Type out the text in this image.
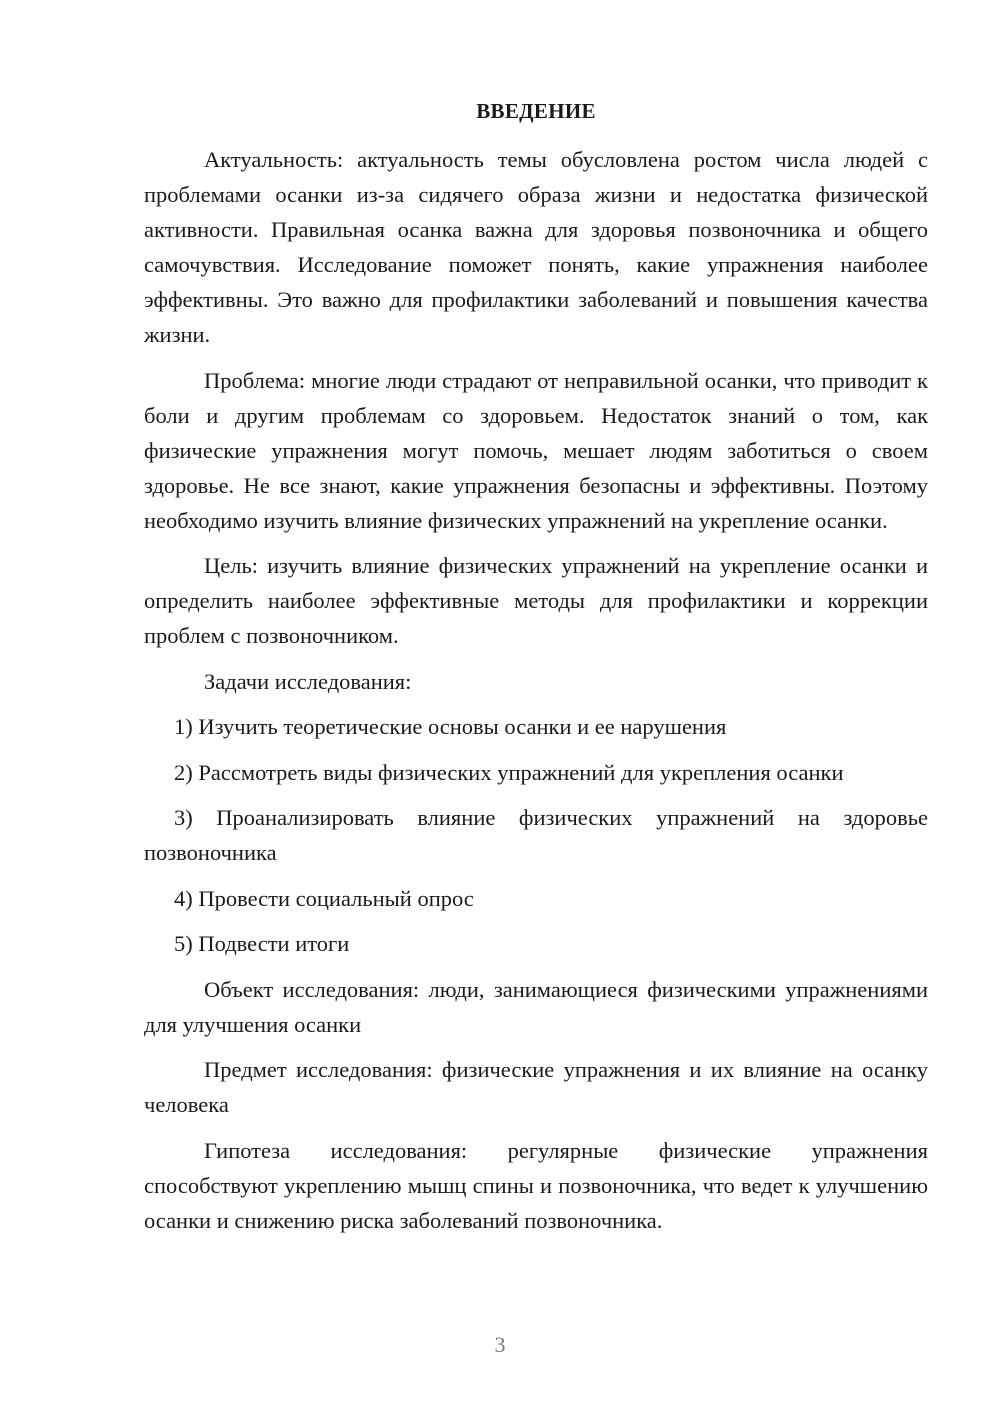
ВВЕДЕНИЕ

Актуальность: актуальность темы обусловлена ростом числа людей с проблемами осанки из-за сидячего образа жизни и недостатка физической активности. Правильная осанка важна для здоровья позвоночника и общего самочувствия. Исследование поможет понять, какие упражнения наиболее эффективны. Это важно для профилактики заболеваний и повышения качества жизни.

Проблема: многие люди страдают от неправильной осанки, что приводит к боли и другим проблемам со здоровьем. Недостаток знаний о том, как физические упражнения могут помочь, мешает людям заботиться о своем здоровье. Не все знают, какие упражнения безопасны и эффективны. Поэтому необходимо изучить влияние физических упражнений на укрепление осанки.

Цель: изучить влияние физических упражнений на укрепление осанки и определить наиболее эффективные методы для профилактики и коррекции проблем с позвоночником.

Задачи исследования:

1) Изучить теоретические основы осанки и ее нарушения

2) Рассмотреть виды физических упражнений для укрепления осанки

3) Проанализировать влияние физических упражнений на здоровье позвоночника

4) Провести социальный опрос

5) Подвести итоги

Объект исследования: люди, занимающиеся физическими упражнениями для улучшения осанки

Предмет исследования: физические упражнения и их влияние на осанку человека

Гипотеза исследования: регулярные физические упражнения способствуют укреплению мышц спины и позвоночника, что ведет к улучшению осанки и снижению риска заболеваний позвоночника.

3
